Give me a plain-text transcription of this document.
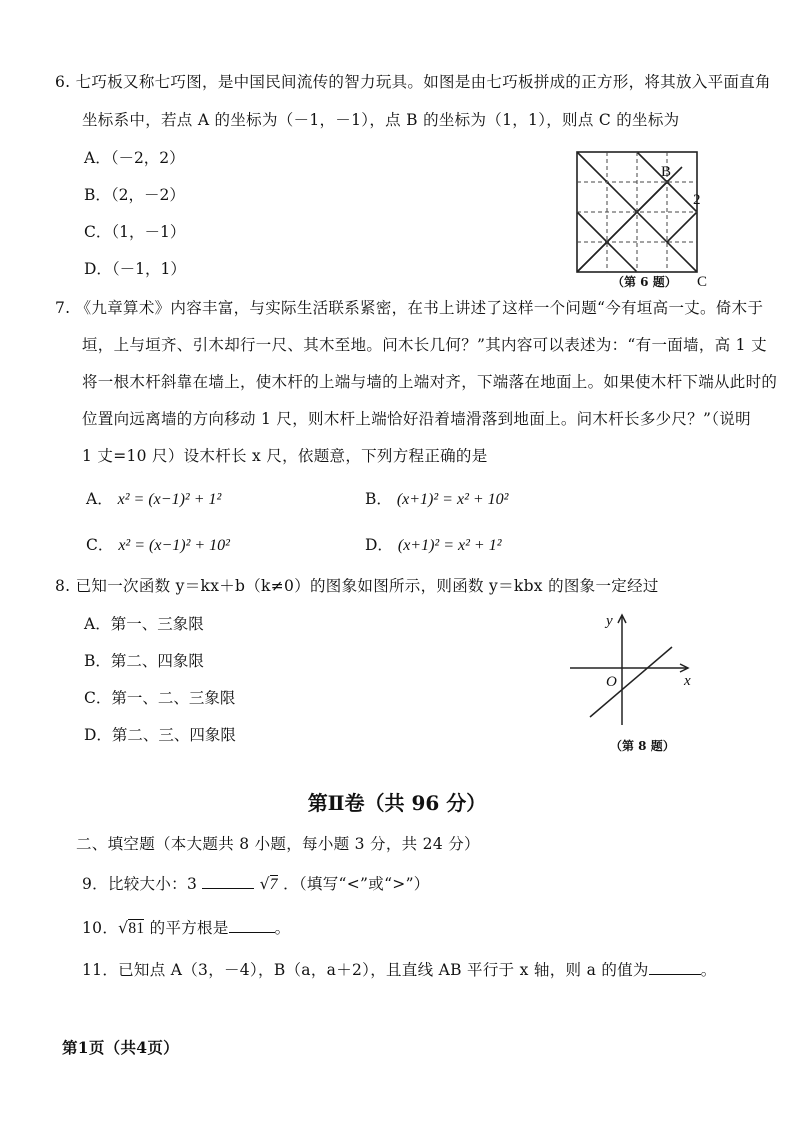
6. 七巧板又称七巧图，是中国民间流传的智力玩具。如图是由七巧板拼成的正方形，将其放入平面直角
坐标系中，若点 A 的坐标为（－1，－1），点 B 的坐标为（1，1），则点 C 的坐标为
A．（－2，2）
B．（2，－2）
C．（1，－1）
D．（－1，1）
B
2
C
（第 6 题）
7. 《九章算术》内容丰富，与实际生活联系紧密，在书上讲述了这样一个问题“今有垣高一丈。倚木于
垣，上与垣齐、引木却行一尺、其木至地。问木长几何？”其内容可以表述为：“有一面墙，高 1 丈
将一根木杆斜靠在墙上，使木杆的上端与墙的上端对齐，下端落在地面上。如果使木杆下端从此时的
位置向远离墙的方向移动 1 尺，则木杆上端恰好沿着墙滑落到地面上。问木杆长多少尺？”（说明
1 丈=10 尺）设木杆长 x 尺，依题意，下列方程正确的是
A． x² = (x−1)² + 1²	B． (x+1)² = x² + 10²
C． x² = (x−1)² + 10²	D． (x+1)² = x² + 1²
8. 已知一次函数 y＝kx＋b（k≠0）的图象如图所示，则函数 y＝kbx 的图象一定经过
A．第一、三象限
B．第二、四象限
C．第一、二、三象限
D．第二、三、四象限
y
x
O
（第 8 题）
第Ⅱ卷（共 96 分）
二、填空题（本大题共 8 小题，每小题 3 分，共 24 分）
9．比较大小：3	√7 ．（填写“<”或“>”）
10．√81 的平方根是	。
11．已知点 A（3，－4），B（a，a＋2），且直线 AB 平行于 x 轴，则 a 的值为	。
第1页（共4页）
